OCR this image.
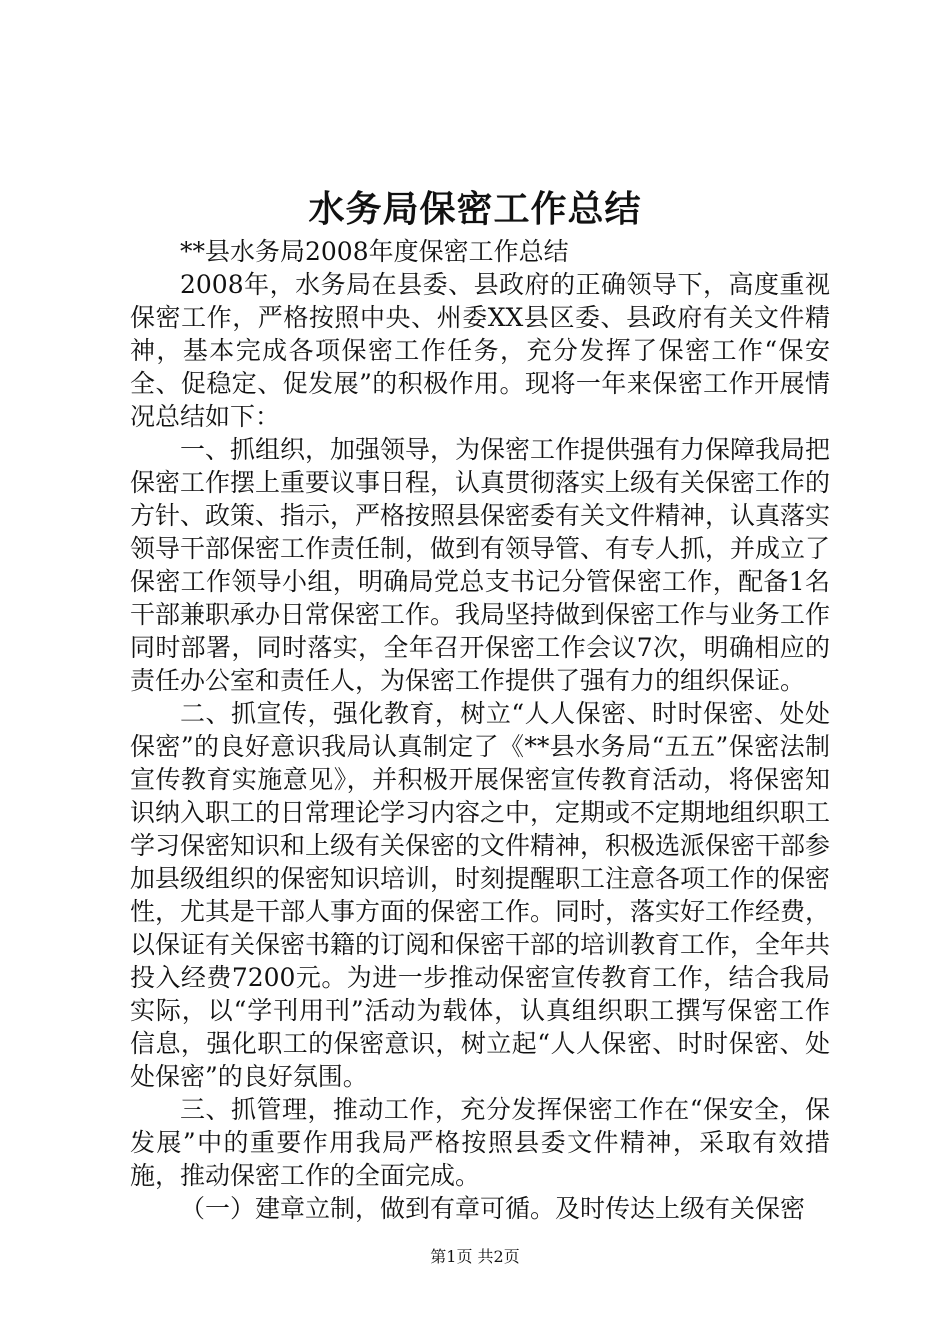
水务局保密工作总结

**县水务局2008年度保密工作总结

2008年，水务局在县委、县政府的正确领导下，高度重视保密工作，严格按照中央、州委XX县区委、县政府有关文件精神，基本完成各项保密工作任务，充分发挥了保密工作“保安全、促稳定、促发展”的积极作用。现将一年来保密工作开展情况总结如下：

一、抓组织，加强领导，为保密工作提供强有力保障我局把保密工作摆上重要议事日程，认真贯彻落实上级有关保密工作的方针、政策、指示，严格按照县保密委有关文件精神，认真落实领导干部保密工作责任制，做到有领导管、有专人抓，并成立了保密工作领导小组，明确局党总支书记分管保密工作，配备1名干部兼职承办日常保密工作。我局坚持做到保密工作与业务工作同时部署，同时落实，全年召开保密工作会议7次，明确相应的责任办公室和责任人，为保密工作提供了强有力的组织保证。

二、抓宣传，强化教育，树立“人人保密、时时保密、处处保密”的良好意识我局认真制定了《**县水务局“五五”保密法制宣传教育实施意见》，并积极开展保密宣传教育活动，将保密知识纳入职工的日常理论学习内容之中，定期或不定期地组织职工学习保密知识和上级有关保密的文件精神，积极选派保密干部参加县级组织的保密知识培训，时刻提醒职工注意各项工作的保密性，尤其是干部人事方面的保密工作。同时，落实好工作经费，以保证有关保密书籍的订阅和保密干部的培训教育工作，全年共投入经费7200元。为进一步推动保密宣传教育工作，结合我局实际，以“学刊用刊”活动为载体，认真组织职工撰写保密工作信息，强化职工的保密意识，树立起“人人保密、时时保密、处处保密”的良好氛围。

三、抓管理，推动工作，充分发挥保密工作在“保安全，保发展”中的重要作用我局严格按照县委文件精神，采取有效措施，推动保密工作的全面完成。

（一）建章立制，做到有章可循。及时传达上级有关保密

第1页 共2页
